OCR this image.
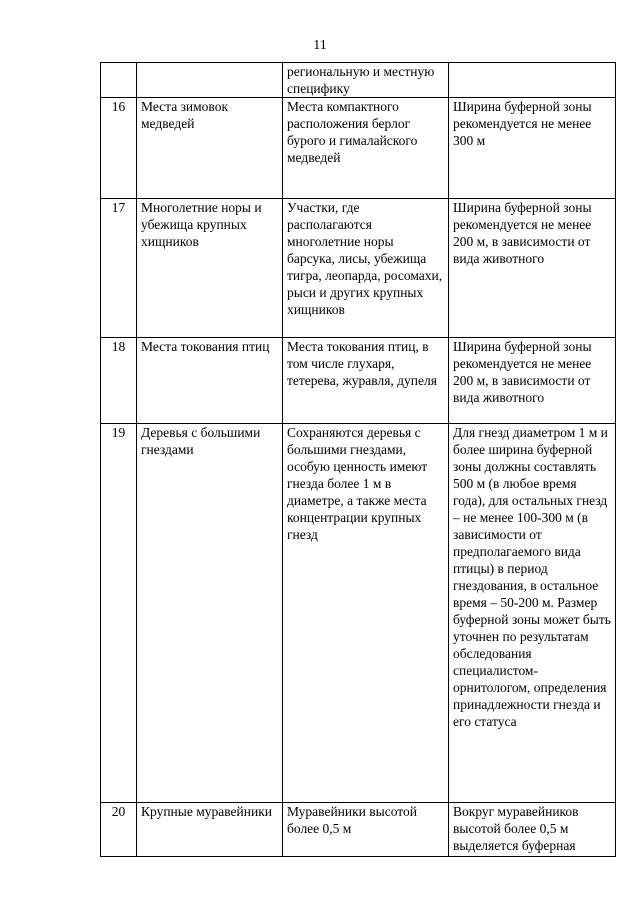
11
		региональную и местную специфику	
16	Места зимовок медведей	Места компактного расположения берлог бурого и гималайского медведей	Ширина буферной зоны рекомендуется не менее 300 м
17	Многолетние норы и убежища крупных хищников	Участки, где располагаются многолетние норы барсука, лисы, убежища тигра, леопарда, росомахи, рыси и других крупных хищников	Ширина буферной зоны рекомендуется не менее 200 м, в зависимости от вида животного
18	Места токования птиц	Места токования птиц, в том числе глухаря, тетерева, журавля, дупеля	Ширина буферной зоны рекомендуется не менее 200 м, в зависимости от вида животного
19	Деревья с большими гнездами	Сохраняются деревья с большими гнездами, особую ценность имеют гнезда более 1 м в диаметре, а также места концентрации крупных гнезд	Для гнезд диаметром 1 м и более ширина буферной зоны должны составлять 500 м (в любое время года), для остальных гнезд – не менее 100-300 м (в зависимости от предполагаемого вида птицы) в период гнездования, в остальное время – 50-200 м. Размер буферной зоны может быть уточнен по результатам обследования специалистом-орнитологом, определения принадлежности гнезда и его статуса
20	Крупные муравейники	Муравейники высотой более 0,5 м	Вокруг муравейников высотой более 0,5 м выделяется буферная
